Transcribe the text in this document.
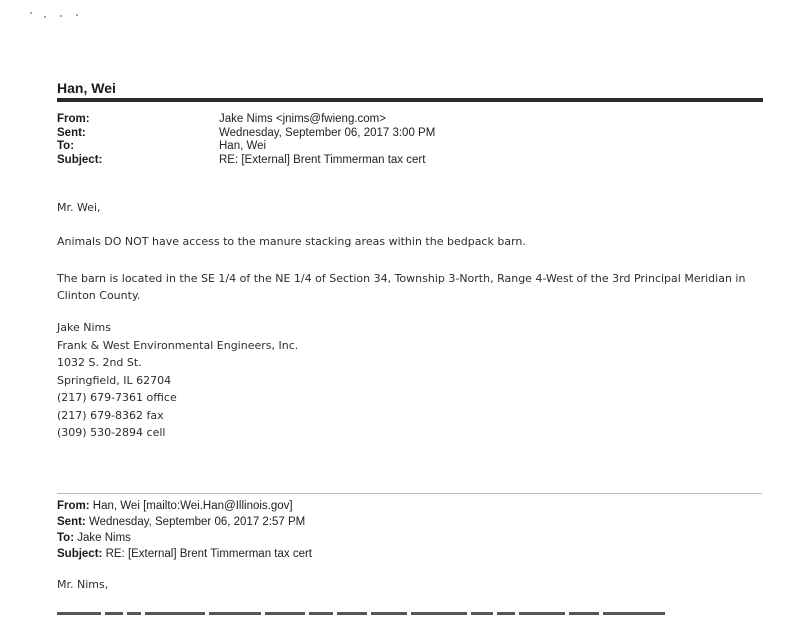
Han, Wei
From:	Jake Nims <jnims@fwieng.com>
Sent:	Wednesday, September 06, 2017 3:00 PM
To:	Han, Wei
Subject:	RE: [External] Brent Timmerman tax cert

Mr. Wei,

Animals DO NOT have access to the manure stacking areas within the bedpack barn.

The barn is located in the SE 1/4 of the NE 1/4 of Section 34, Township 3-North, Range 4-West of the 3rd Principal Meridian in Clinton County.

Jake Nims
Frank & West Environmental Engineers, Inc.
1032 S. 2nd St.
Springfield, IL 62704
(217) 679-7361 office
(217) 679-8362 fax
(309) 530-2894 cell
From: Han, Wei [mailto:Wei.Han@Illinois.gov]
Sent: Wednesday, September 06, 2017 2:57 PM
To: Jake Nims
Subject: RE: [External] Brent Timmerman tax cert
Mr. Nims,
